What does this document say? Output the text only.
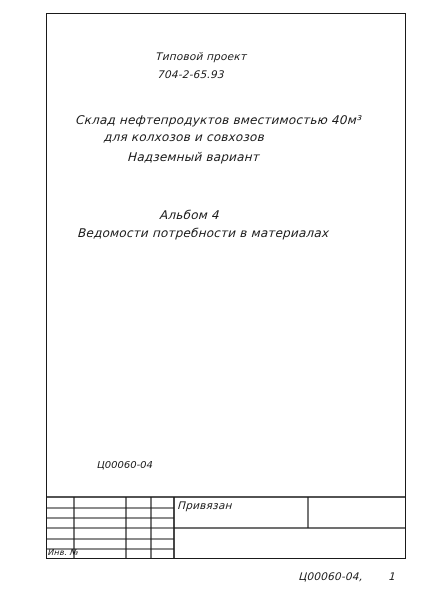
Типовой проект
704-2-65.93
Склад нефтепродуктов вместимостью 40м³
для колхозов и совхозов
Надземный вариант
Альбом 4
Ведомости потребности в материалах
Ц00060-04
Привязан
Инв. №
Ц00060-04, 1
